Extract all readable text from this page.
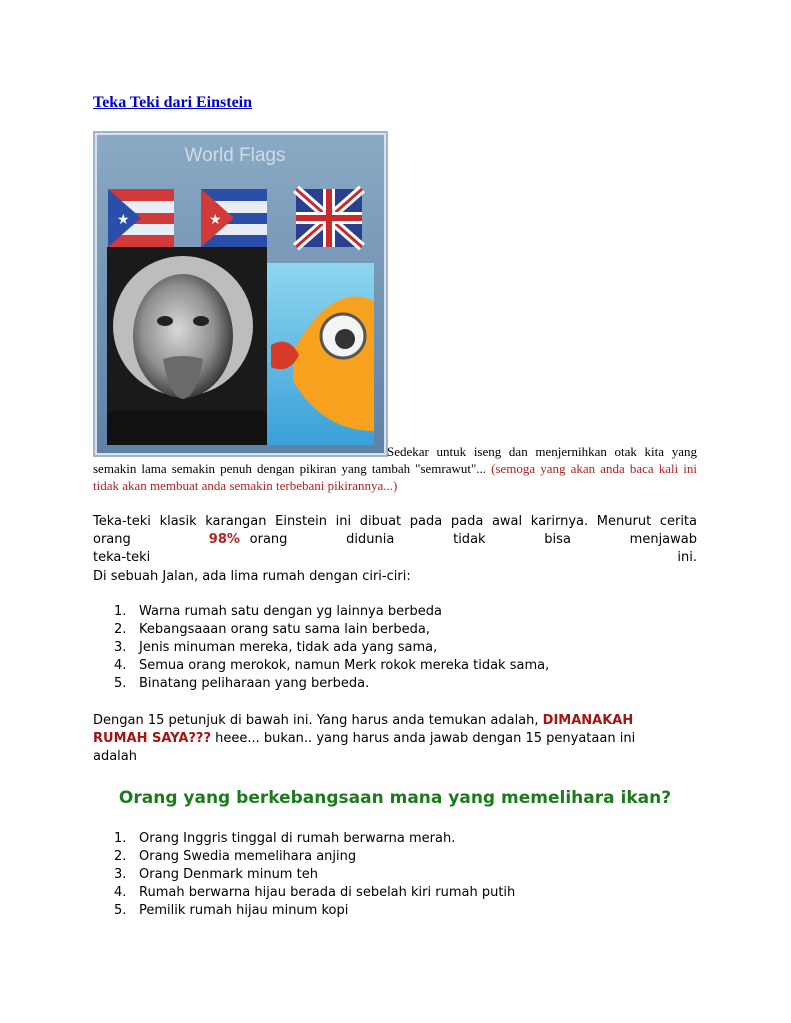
Teka Teki dari Einstein
World Flags
★	★
Sedekar untuk iseng dan menjernihkan otak kita yang semakin lama semakin penuh dengan pikiran yang tambah "semrawut"... (semoga yang akan anda baca kali ini tidak akan membuat anda semakin terbebani pikirannya...)
Teka-teki klasik karangan Einstein ini dibuat pada pada awal karirnya. Menurut cerita
orang	98% orang didunia tidak bisa menjawab teka-teki ini.
Di sebuah Jalan, ada lima rumah dengan ciri-ciri:
1. Warna rumah satu dengan yg lainnya berbeda
2. Kebangsaaan orang satu sama lain berbeda,
3. Jenis minuman mereka, tidak ada yang sama,
4. Semua orang merokok, namun Merk rokok mereka tidak sama,
5. Binatang peliharaan yang berbeda.
Dengan 15 petunjuk di bawah ini. Yang harus anda temukan adalah, DIMANAKAH RUMAH SAYA??? heee... bukan.. yang harus anda jawab dengan 15 penyataan ini adalah
Orang yang berkebangsaan mana yang memelihara ikan?
1. Orang Inggris tinggal di rumah berwarna merah.
2. Orang Swedia memelihara anjing
3. Orang Denmark minum teh
4. Rumah berwarna hijau berada di sebelah kiri rumah putih
5. Pemilik rumah hijau minum kopi
